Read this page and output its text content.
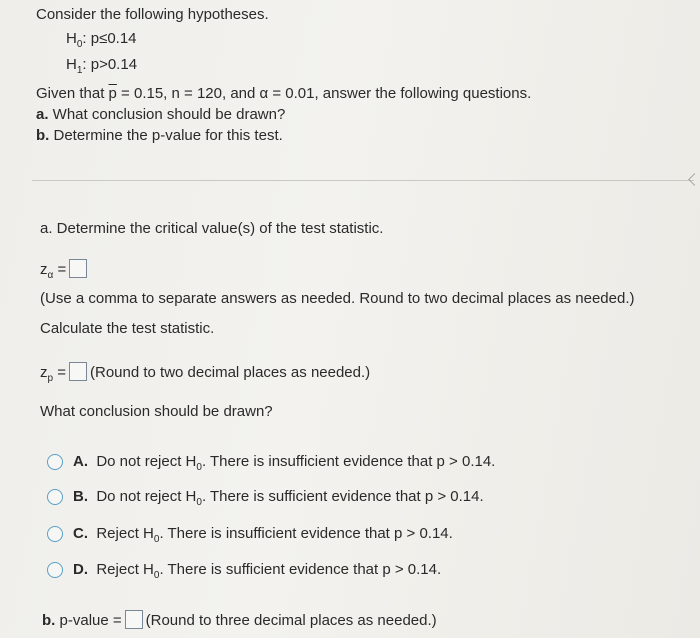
Consider the following hypotheses.
$H_0$: p≤0.14
$H_1$: p>0.14
Given that $\overline{p} = 0.15$, n = 120, and α = 0.01, answer the following questions.
a. What conclusion should be drawn?
b. Determine the p-value for this test.
a. Determine the critical value(s) of the test statistic.
$z_\alpha$ =
(Use a comma to separate answers as needed. Round to two decimal places as needed.)
Calculate the test statistic.
$z_p$ = (Round to two decimal places as needed.)
What conclusion should be drawn?
A. Do not reject $H_0$. There is insufficient evidence that p > 0.14.
B. Do not reject $H_0$. There is sufficient evidence that p > 0.14.
C. Reject $H_0$. There is insufficient evidence that p > 0.14.
D. Reject $H_0$. There is sufficient evidence that p > 0.14.
b. p-value = (Round to three decimal places as needed.)
